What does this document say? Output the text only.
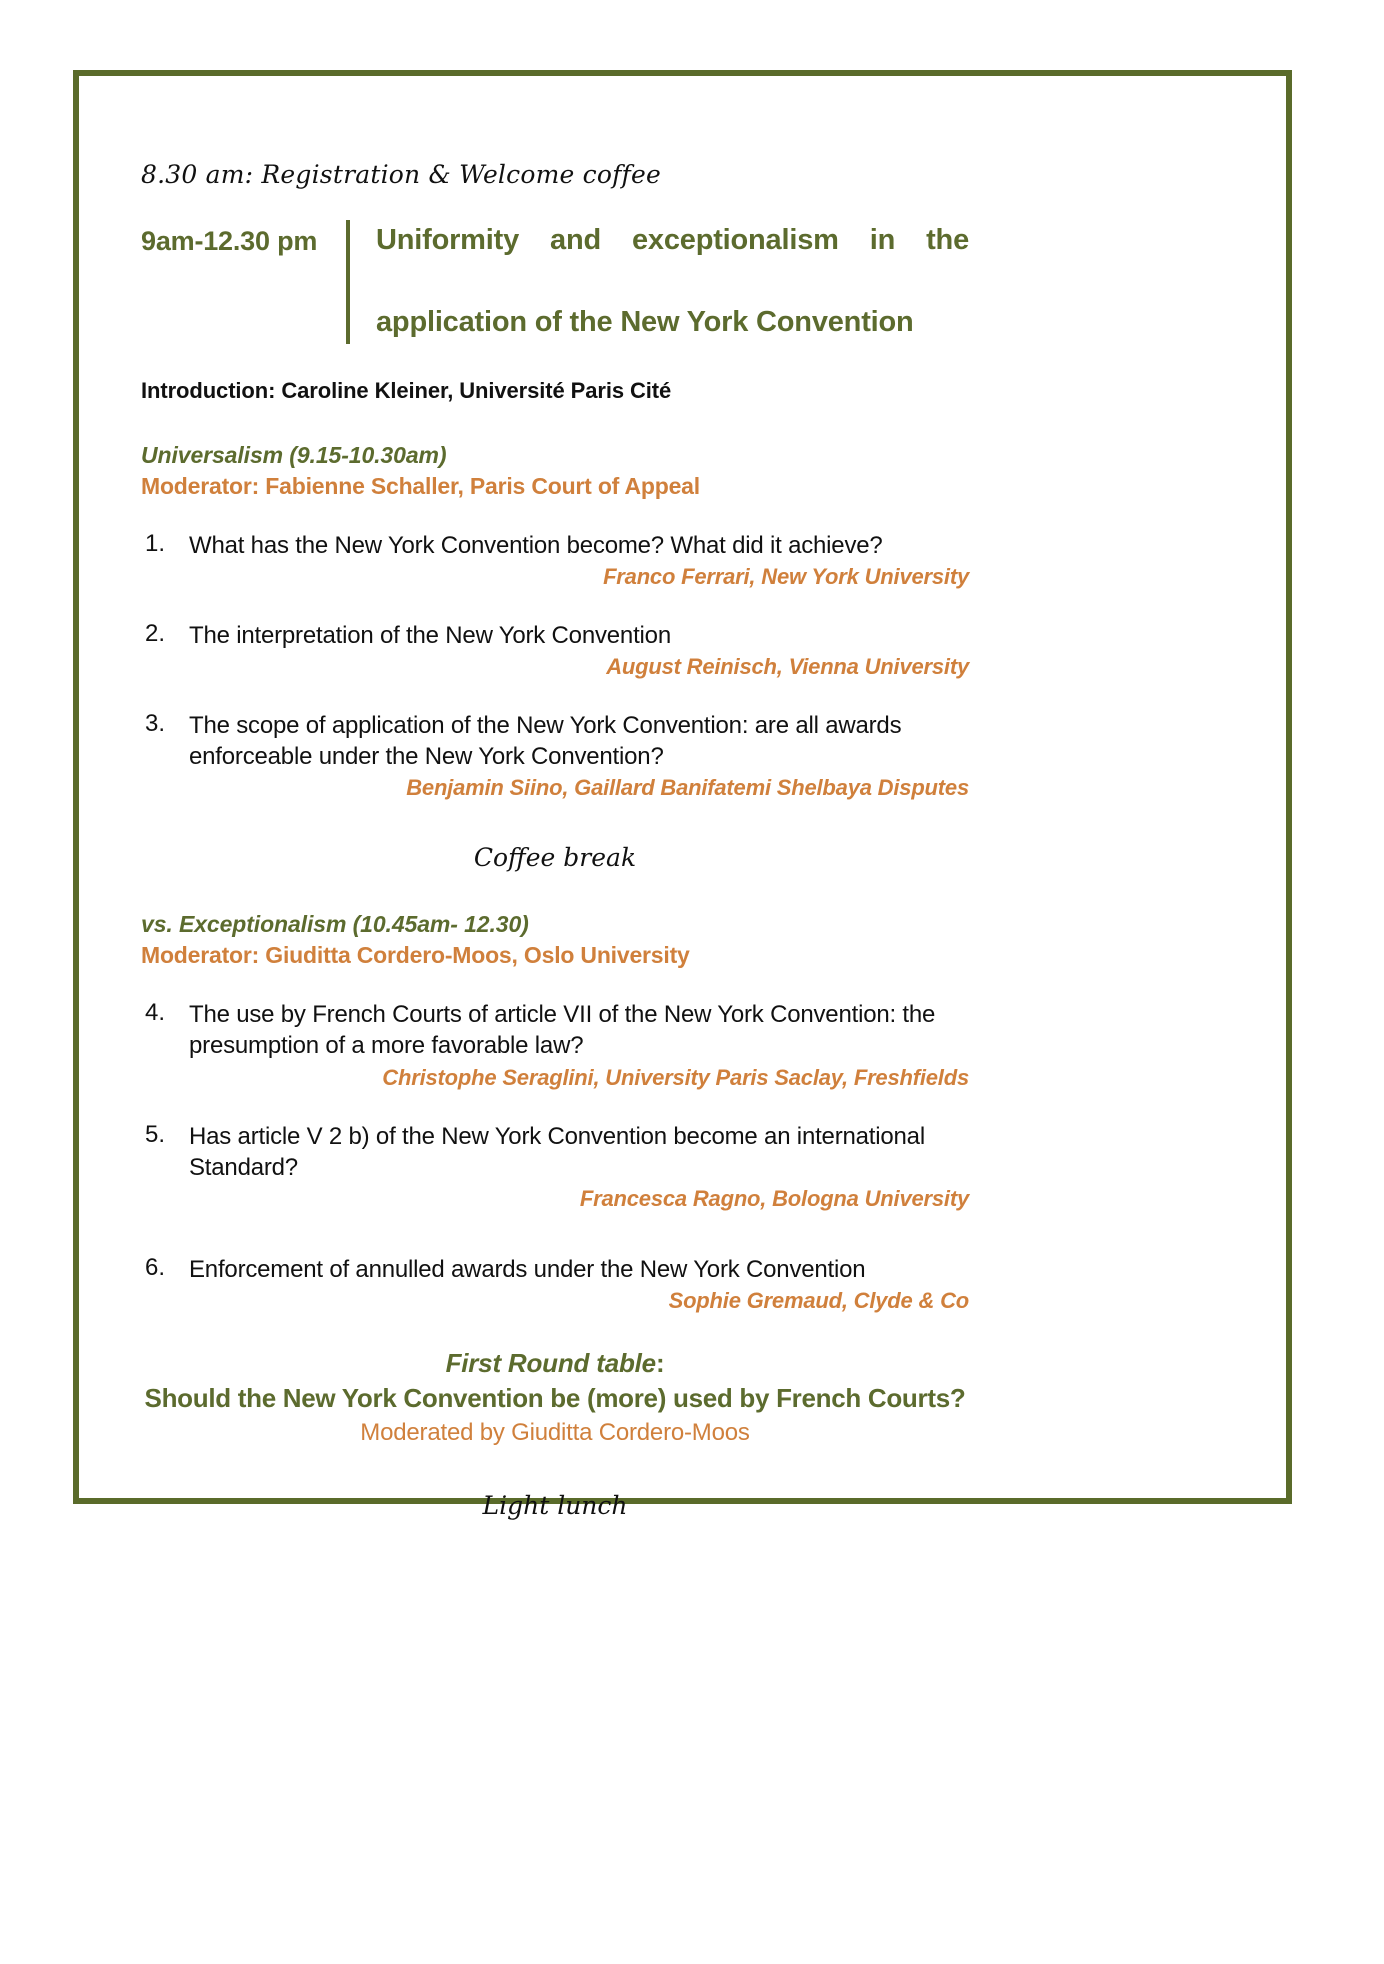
8.30 am: Registration & Welcome coffee
9am-12.30 pm	Uniformity and exceptionalism in the
application of the New York Convention
Introduction: Caroline Kleiner, Université Paris Cité
Universalism (9.15-10.30am)
Moderator: Fabienne Schaller, Paris Court of Appeal
1. What has the New York Convention become? What did it achieve?
Franco Ferrari, New York University
2. The interpretation of the New York Convention
August Reinisch, Vienna University
3. The scope of application of the New York Convention: are all awards enforceable under the New York Convention?
Benjamin Siino, Gaillard Banifatemi Shelbaya Disputes
Coffee break
vs. Exceptionalism (10.45am- 12.30)
Moderator: Giuditta Cordero-Moos, Oslo University
4. The use by French Courts of article VII of the New York Convention: the presumption of a more favorable law?
Christophe Seraglini, University Paris Saclay, Freshfields
5. Has article V 2 b) of the New York Convention become an international Standard?
Francesca Ragno, Bologna University
6. Enforcement of annulled awards under the New York Convention
Sophie Gremaud, Clyde & Co
First Round table:
Should the New York Convention be (more) used by French Courts?
Moderated by Giuditta Cordero-Moos
Light lunch
